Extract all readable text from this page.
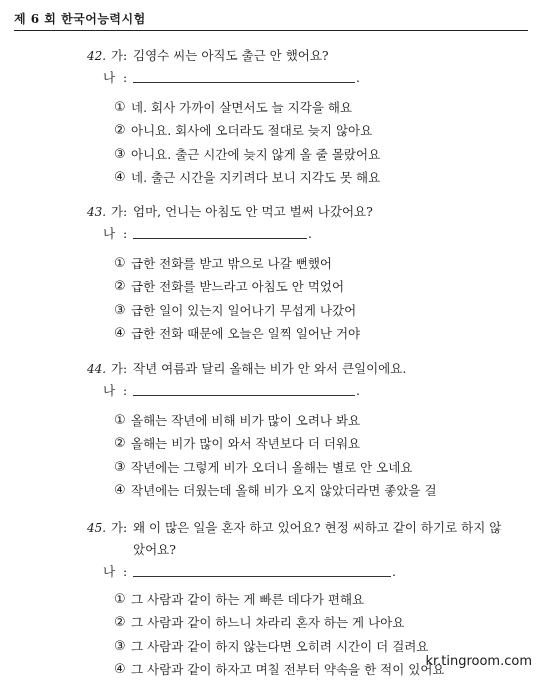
제 6 회 한국어능력시험
42. 가 : 김영수 씨는 아직도 출근 안 했어요?
나 :	.
① 네. 회사 가까이 살면서도 늘 지각을 해요
② 아니요. 회사에 오더라도 절대로 늦지 않아요
③ 아니요. 출근 시간에 늦지 않게 올 줄 몰랐어요
④ 네. 출근 시간을 지키려다 보니 지각도 못 해요
43. 가 : 엄마, 언니는 아침도 안 먹고 벌써 나갔어요?
나 :	.
① 급한 전화를 받고 밖으로 나갈 뻔했어
② 급한 전화를 받느라고 아침도 안 먹었어
③ 급한 일이 있는지 일어나기 무섭게 나갔어
④ 급한 전화 때문에 오늘은 일찍 일어난 거야
44. 가 : 작년 여름과 달리 올해는 비가 안 와서 큰일이에요.
나 :	.
① 올해는 작년에 비해 비가 많이 오려나 봐요
② 올해는 비가 많이 와서 작년보다 더 더워요
③ 작년에는 그렇게 비가 오더니 올해는 별로 안 오네요
④ 작년에는 더웠는데 올해 비가 오지 않았더라면 좋았을 걸
45. 가 : 왜 이 많은 일을 혼자 하고 있어요? 현정 씨하고 같이 하기로 하지 않
았어요?
나 :	.
① 그 사람과 같이 하는 게 빠른 데다가 편해요
② 그 사람과 같이 하느니 차라리 혼자 하는 게 나아요
③ 그 사람과 같이 하지 않는다면 오히려 시간이 더 걸려요
④ 그 사람과 같이 하자고 며칠 전부터 약속을 한 적이 있어요
kr.tingroom.com
